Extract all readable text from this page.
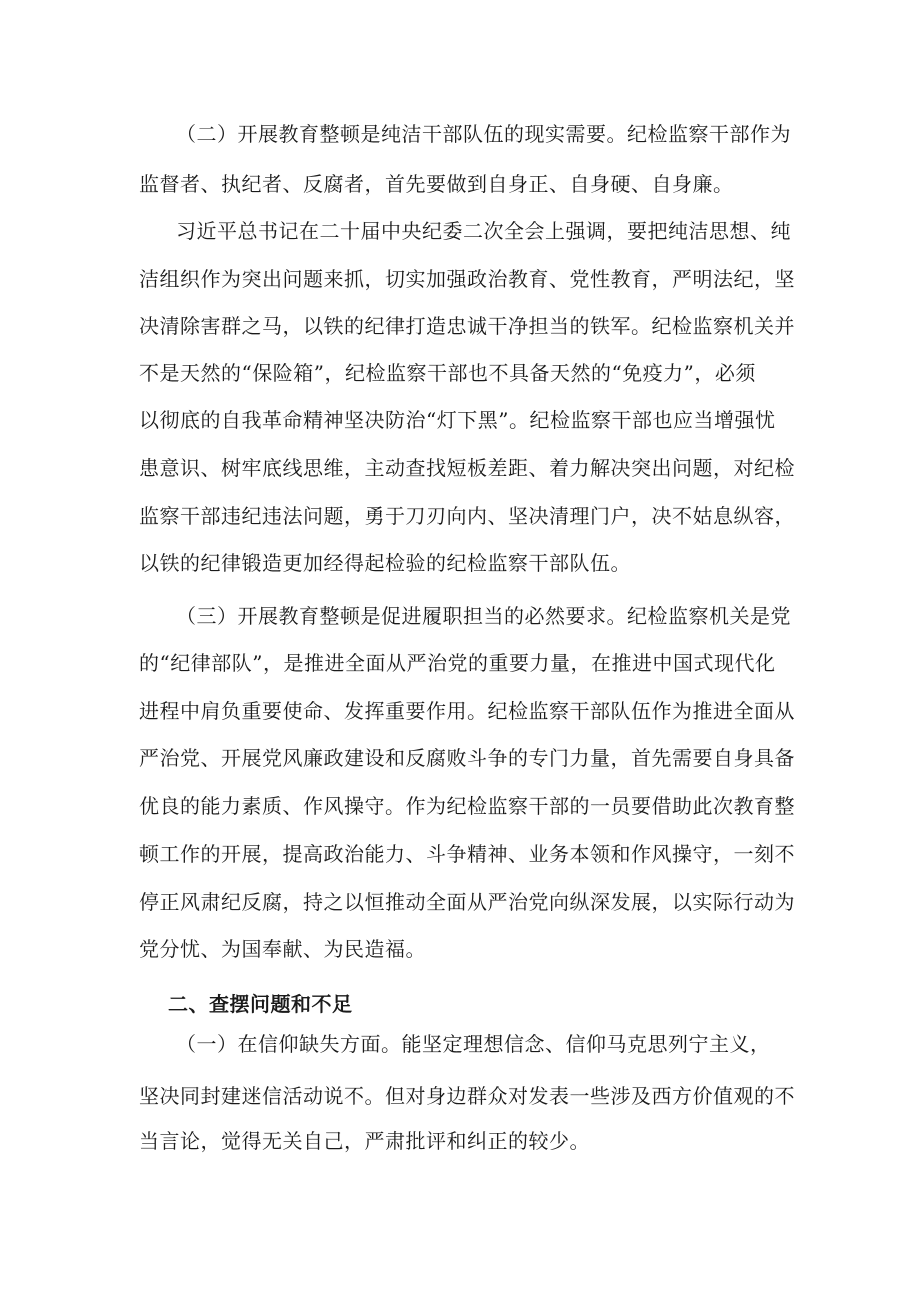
（二）开展教育整顿是纯洁干部队伍的现实需要。纪检监察干部作为
监督者、执纪者、反腐者，首先要做到自身正、自身硬、自身廉。
习近平总书记在二十届中央纪委二次全会上强调，要把纯洁思想、纯
洁组织作为突出问题来抓，切实加强政治教育、党性教育，严明法纪，坚
决清除害群之马，以铁的纪律打造忠诚干净担当的铁军。纪检监察机关并
不是天然的“保险箱”，纪检监察干部也不具备天然的“免疫力”，必须
以彻底的自我革命精神坚决防治“灯下黑”。纪检监察干部也应当增强忧
患意识、树牢底线思维，主动查找短板差距、着力解决突出问题，对纪检
监察干部违纪违法问题，勇于刀刃向内、坚决清理门户，决不姑息纵容，
以铁的纪律锻造更加经得起检验的纪检监察干部队伍。
（三）开展教育整顿是促进履职担当的必然要求。纪检监察机关是党
的“纪律部队”，是推进全面从严治党的重要力量，在推进中国式现代化
进程中肩负重要使命、发挥重要作用。纪检监察干部队伍作为推进全面从
严治党、开展党风廉政建设和反腐败斗争的专门力量，首先需要自身具备
优良的能力素质、作风操守。作为纪检监察干部的一员要借助此次教育整
顿工作的开展，提高政治能力、斗争精神、业务本领和作风操守，一刻不
停正风肃纪反腐，持之以恒推动全面从严治党向纵深发展，以实际行动为
党分忧、为国奉献、为民造福。
二、查摆问题和不足
（一）在信仰缺失方面。能坚定理想信念、信仰马克思列宁主义，
坚决同封建迷信活动说不。但对身边群众对发表一些涉及西方价值观的不
当言论，觉得无关自己，严肃批评和纠正的较少。
